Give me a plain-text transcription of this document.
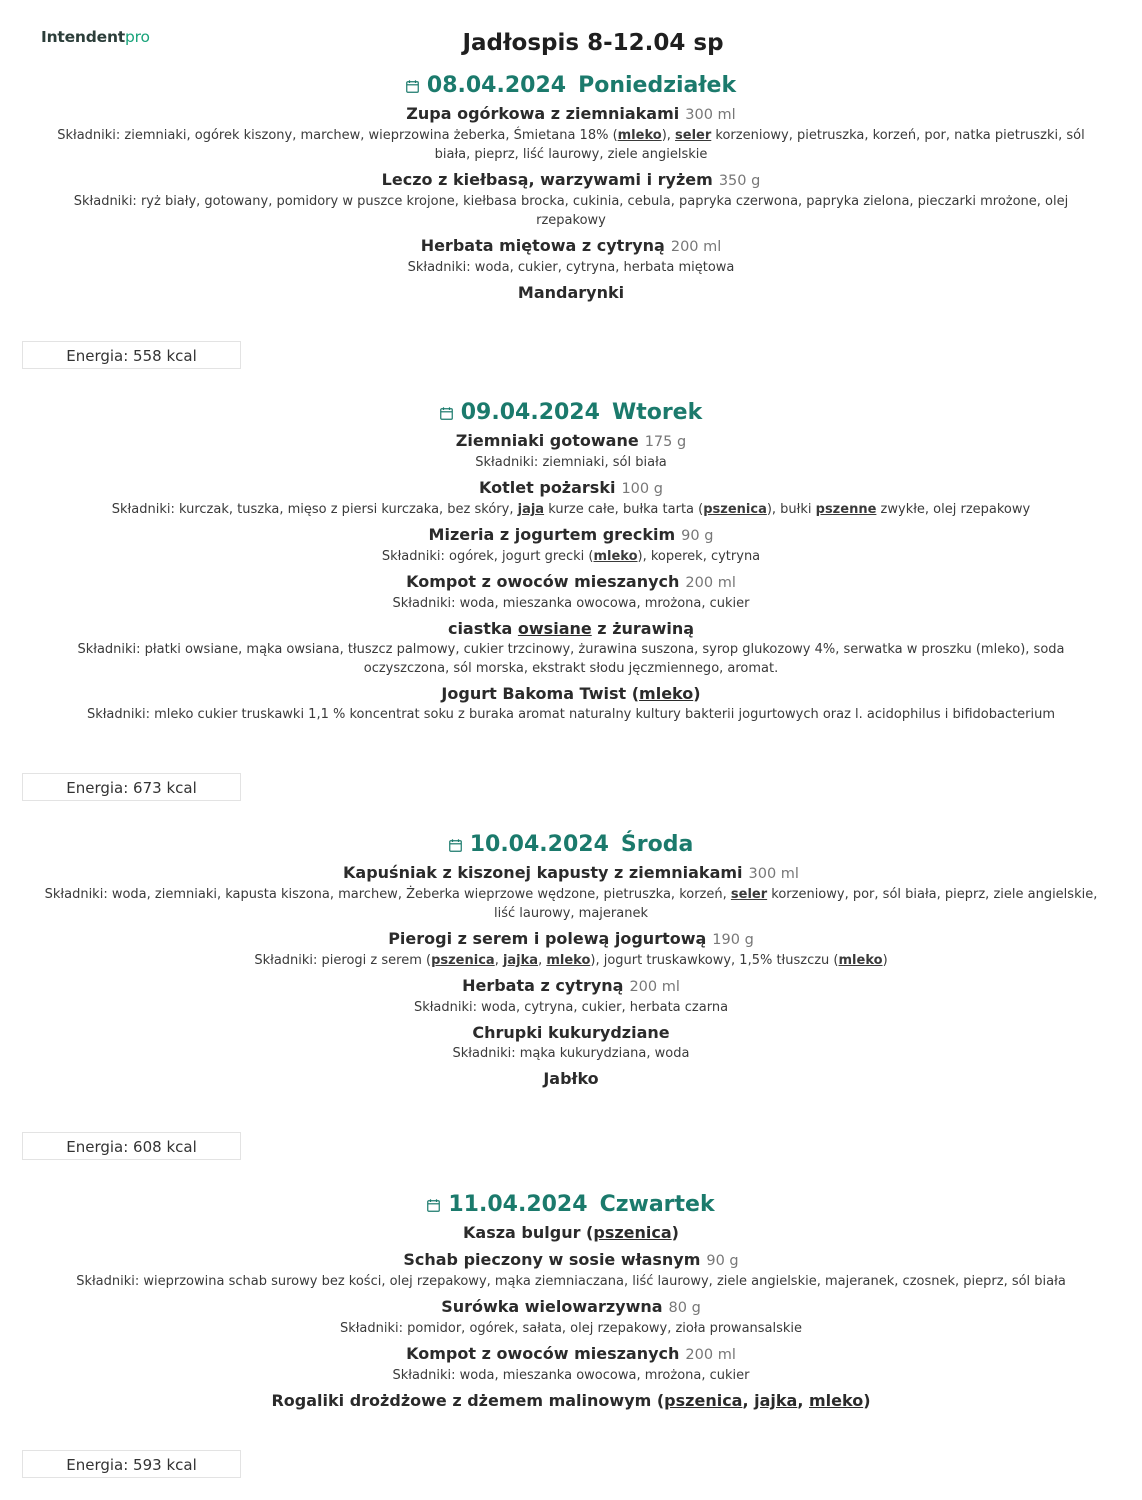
Intendentpro	Jadłospis 8-12.04 sp
08.04.2024 Poniedziałek
Zupa ogórkowa z ziemniakami 300 ml
Składniki: ziemniaki, ogórek kiszony, marchew, wieprzowina żeberka, Śmietana 18% (mleko), seler korzeniowy, pietruszka, korzeń, por, natka pietruszki, sól biała, pieprz, liść laurowy, ziele angielskie
Leczo z kiełbasą, warzywami i ryżem 350 g
Składniki: ryż biały, gotowany, pomidory w puszce krojone, kiełbasa brocka, cukinia, cebula, papryka czerwona, papryka zielona, pieczarki mrożone, olej rzepakowy
Herbata miętowa z cytryną 200 ml
Składniki: woda, cukier, cytryna, herbata miętowa
Mandarynki
Energia: 558 kcal
09.04.2024 Wtorek
Ziemniaki gotowane 175 g
Składniki: ziemniaki, sól biała
Kotlet pożarski 100 g
Składniki: kurczak, tuszka, mięso z piersi kurczaka, bez skóry, jaja kurze całe, bułka tarta (pszenica), bułki pszenne zwykłe, olej rzepakowy
Mizeria z jogurtem greckim 90 g
Składniki: ogórek, jogurt grecki (mleko), koperek, cytryna
Kompot z owoców mieszanych 200 ml
Składniki: woda, mieszanka owocowa, mrożona, cukier
ciastka owsiane z żurawiną
Składniki: płatki owsiane, mąka owsiana, tłuszcz palmowy, cukier trzcinowy, żurawina suszona, syrop glukozowy 4%, serwatka w proszku (mleko), soda oczyszczona, sól morska, ekstrakt słodu jęczmiennego, aromat.
Jogurt Bakoma Twist (mleko)
Składniki: mleko cukier truskawki 1,1 % koncentrat soku z buraka aromat naturalny kultury bakterii jogurtowych oraz l. acidophilus i bifidobacterium
Energia: 673 kcal
10.04.2024 Środa
Kapuśniak z kiszonej kapusty z ziemniakami 300 ml
Składniki: woda, ziemniaki, kapusta kiszona, marchew, Żeberka wieprzowe wędzone, pietruszka, korzeń, seler korzeniowy, por, sól biała, pieprz, ziele angielskie, liść laurowy, majeranek
Pierogi z serem i polewą jogurtową 190 g
Składniki: pierogi z serem (pszenica, jajka, mleko), jogurt truskawkowy, 1,5% tłuszczu (mleko)
Herbata z cytryną 200 ml
Składniki: woda, cytryna, cukier, herbata czarna
Chrupki kukurydziane
Składniki: mąka kukurydziana, woda
Jabłko
Energia: 608 kcal
11.04.2024 Czwartek
Kasza bulgur (pszenica)
Schab pieczony w sosie własnym 90 g
Składniki: wieprzowina schab surowy bez kości, olej rzepakowy, mąka ziemniaczana, liść laurowy, ziele angielskie, majeranek, czosnek, pieprz, sól biała
Surówka wielowarzywna 80 g
Składniki: pomidor, ogórek, sałata, olej rzepakowy, zioła prowansalskie
Kompot z owoców mieszanych 200 ml
Składniki: woda, mieszanka owocowa, mrożona, cukier
Rogaliki drożdżowe z dżemem malinowym (pszenica, jajka, mleko)
Energia: 593 kcal
